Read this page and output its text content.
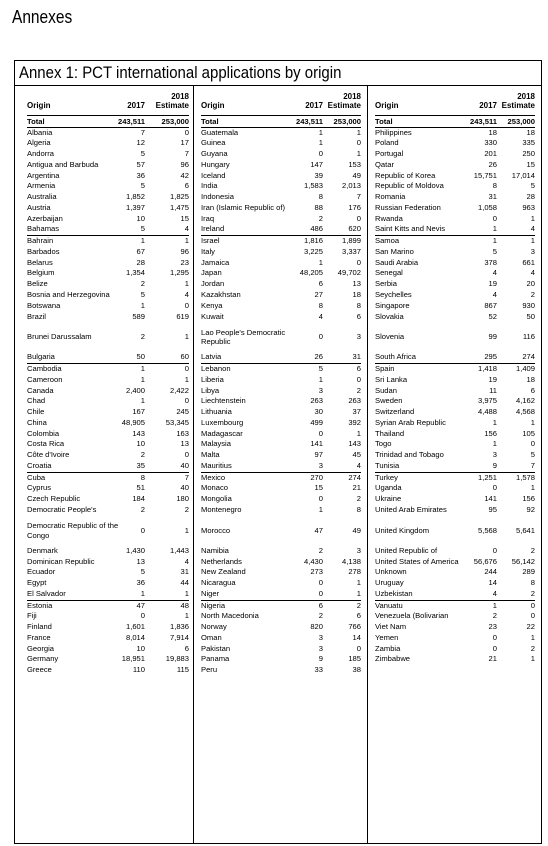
Annexes
Annex 1: PCT international applications by origin
Origin	2017
2018
Estimate
Total	243,511 253,000
Albania	7	0
Algeria	12	17
Andorra	5	7
Antigua and Barbuda	57	96
Argentina	36	42
Armenia	5	6
Australia	1,852	1,825
Austria	1,397	1,475
Azerbaijan	10	15
Bahamas	5	4
Bahrain	1	1
Barbados	67	96
Belarus	28	23
Belgium	1,354	1,295
Belize	2	1
Bosnia and Herzegovina	5	4
Botswana	1	0
Brazil	589	619
Brunei Darussalam	2	1
Bulgaria	50	60
Cambodia	1	0
Cameroon	1	1
Canada	2,400	2,422
Chad	1	0
Chile	167	245
China	48,905	53,345
Colombia	143	163
Costa Rica	10	13
Côte d'Ivoire	2	0
Croatia	35	40
Cuba	8	7
Cyprus	51	40
Czech Republic	184	180
Democratic People's	2	2
Democratic Republic of the Congo
0	1
Denmark	1,430	1,443
Dominican Republic	13	4
Ecuador	5	31
Egypt	36	44
El Salvador	1	1
Estonia	47	48
Fiji	0	1
Finland	1,601	1,836
France	8,014	7,914
Georgia	10	6
Germany	18,951	19,883
Greece	110	115
Origin	2017
2018
Estimate
Total	243,511 253,000
Guatemala	1	1
Guinea	1	0
Guyana	0	1
Hungary	147	153
Iceland	39	49
India	1,583 2,013
Indonesia	8	7
Iran (Islamic Republic of)	88	176
Iraq	2	0
Ireland	486	620
Israel	1,816 1,899
Italy	3,225 3,337
Jamaica	1	0
Japan	48,205 49,702
Jordan	6	13
Kazakhstan	27	18
Kenya	8	8
Kuwait	4	6
Lao People's Democratic Republic
0	3
Latvia	26	31
Lebanon	5	6
Liberia	1	0
Libya	3	2
Liechtenstein	263	263
Lithuania	30	37
Luxembourg	499	392
Madagascar	0	1
Malaysia	141	143
Malta	97	45
Mauritius	3	4
Mexico	270	274
Monaco	15	21
Mongolia	0	2
Montenegro	1	8
Morocco	47	49
Namibia	2	3
Netherlands	4,430 4,138
New Zealand	273	278
Nicaragua	0	1
Niger	0	1
Nigeria	6	2
North Macedonia	2	6
Norway	820	766
Oman	3	14
Pakistan	3	0
Panama	9	185
Peru	33	38
Origin	2017
2018
Estimate
Total	243,511 253,000
Philippines	18	18
Poland	330	335
Portugal	201	250
Qatar	26	15
Republic of Korea	15,751 17,014
Republic of Moldova	8	5
Romania	31	28
Russian Federation	1,058	963
Rwanda	0	1
Saint Kitts and Nevis	1	4
Samoa	1	1
San Marino	5	3
Saudi Arabia	378	661
Senegal	4	4
Serbia	19	20
Seychelles	4	2
Singapore	867	930
Slovakia	52	50
Slovenia	99	116
South Africa	295	274
Spain	1,418 1,409
Sri Lanka	19	18
Sudan	11	6
Sweden	3,975 4,162
Switzerland	4,488 4,568
Syrian Arab Republic	1	1
Thailand	156	105
Togo	1	0
Trinidad and Tobago	3	5
Tunisia	9	7
Turkey	1,251 1,578
Uganda	0	1
Ukraine	141	156
United Arab Emirates	95	92
United Kingdom	5,568 5,641
United Republic of	0	2
United States of America	56,676 56,142
Unknown	244	289
Uruguay	14	8
Uzbekistan	4	2
Vanuatu	1	0
Venezuela (Bolivarian	2	0
Viet Nam	23	22
Yemen	0	1
Zambia	0	2
Zimbabwe	21	1
